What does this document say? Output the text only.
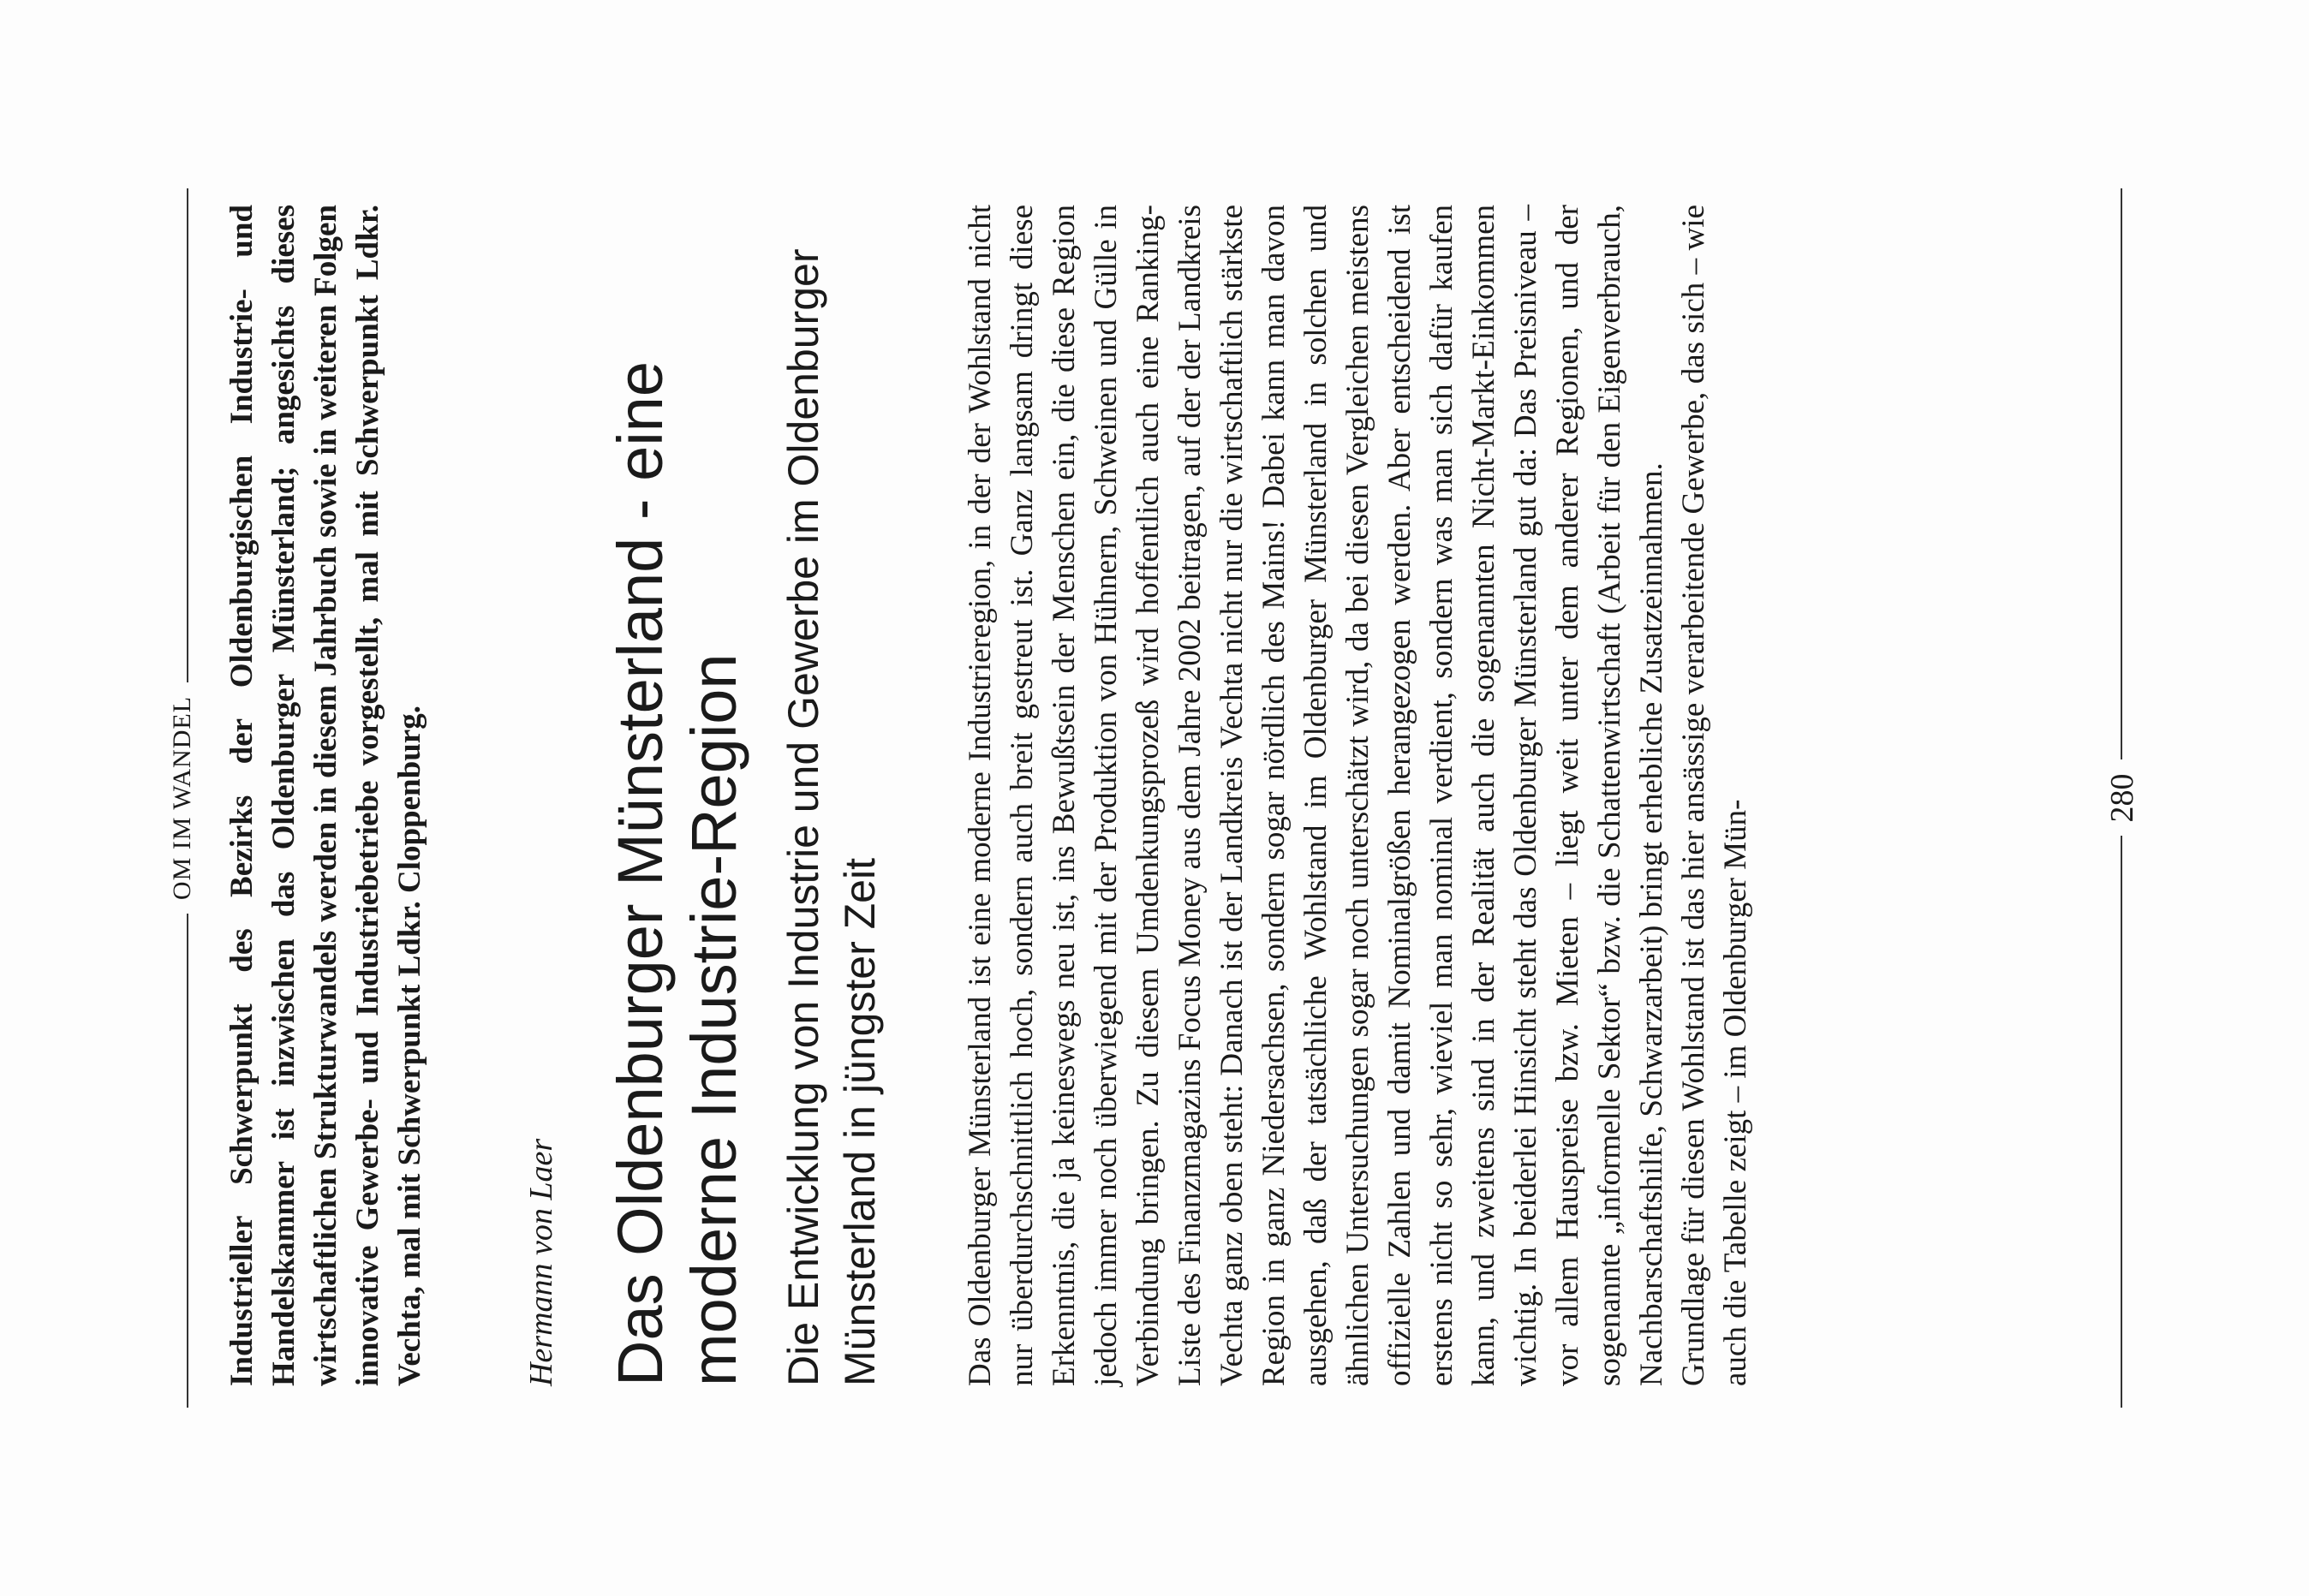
OM IM WANDEL Industrieller Schwerpunkt des Bezirks der Oldenburgischen Industrie- und Handelskammer ist inzwischen das Oldenburger Münsterland; angesichts dieses wirtschaftlichen Strukturwandels werden in diesem Jahrbuch sowie in weiteren Folgen innovative Gewerbe- und Industriebetriebe vorgestellt, mal mit Schwerpunkt Ldkr. Vechta, mal mit Schwerpunkt Ldkr. Cloppenburg.	Hermann von Laer Das Oldenburger Münsterland - eine moderne Industrie-Region Die Entwicklung von Industrie und Gewerbe im Oldenburger Münsterland in jüngster Zeit Das Oldenburger Münsterland ist eine moderne Industrieregion, in der der Wohlstand nicht nur überdurchschnittlich hoch, sondern auch breit gestreut ist. Ganz langsam dringt diese Erkenntnis, die ja keineswegs neu ist, ins Bewußtsein der Menschen ein, die diese Region jedoch immer noch überwiegend mit der Produktion von Hühnern, Schweinen und Gülle in Verbindung bringen. Zu diesem Umdenkungsprozeß wird hoffentlich auch eine Ranking-Liste des Finanzmagazins Focus Money aus dem Jahre 2002 beitragen, auf der der Landkreis Vechta ganz oben steht: Danach ist der Landkreis Vechta nicht nur die wirtschaftlich stärkste Region in ganz Niedersachsen, sondern sogar nördlich des Mains! Dabei kann man davon ausgehen, daß der tatsächliche Wohlstand im Oldenburger Münsterland in solchen und ähnlichen Untersuchungen sogar noch unterschätzt wird, da bei diesen Vergleichen meistens offizielle Zahlen und damit Nominalgrößen herangezogen werden. Aber entscheidend ist erstens nicht so sehr, wieviel man nominal verdient, sondern was man sich dafür kaufen kann, und zweitens sind in der Realität auch die sogenannten Nicht-Markt-Einkommen wichtig. In beiderlei Hinsicht steht das Oldenburger Münsterland gut da: Das Preisniveau – vor allem Hauspreise bzw. Mieten – liegt weit unter dem anderer Regionen, und der sogenannte „informelle Sektor“ bzw. die Schattenwirtschaft (Arbeit für den Eigenverbrauch, Nachbarschaftshilfe, Schwarzarbeit) bringt erhebliche Zusatzeinnahmen. Grundlage für diesen Wohlstand ist das hier ansässige verarbeitende Gewerbe, das sich – wie auch die Tabelle zeigt – im Oldenburger Mün-

280
